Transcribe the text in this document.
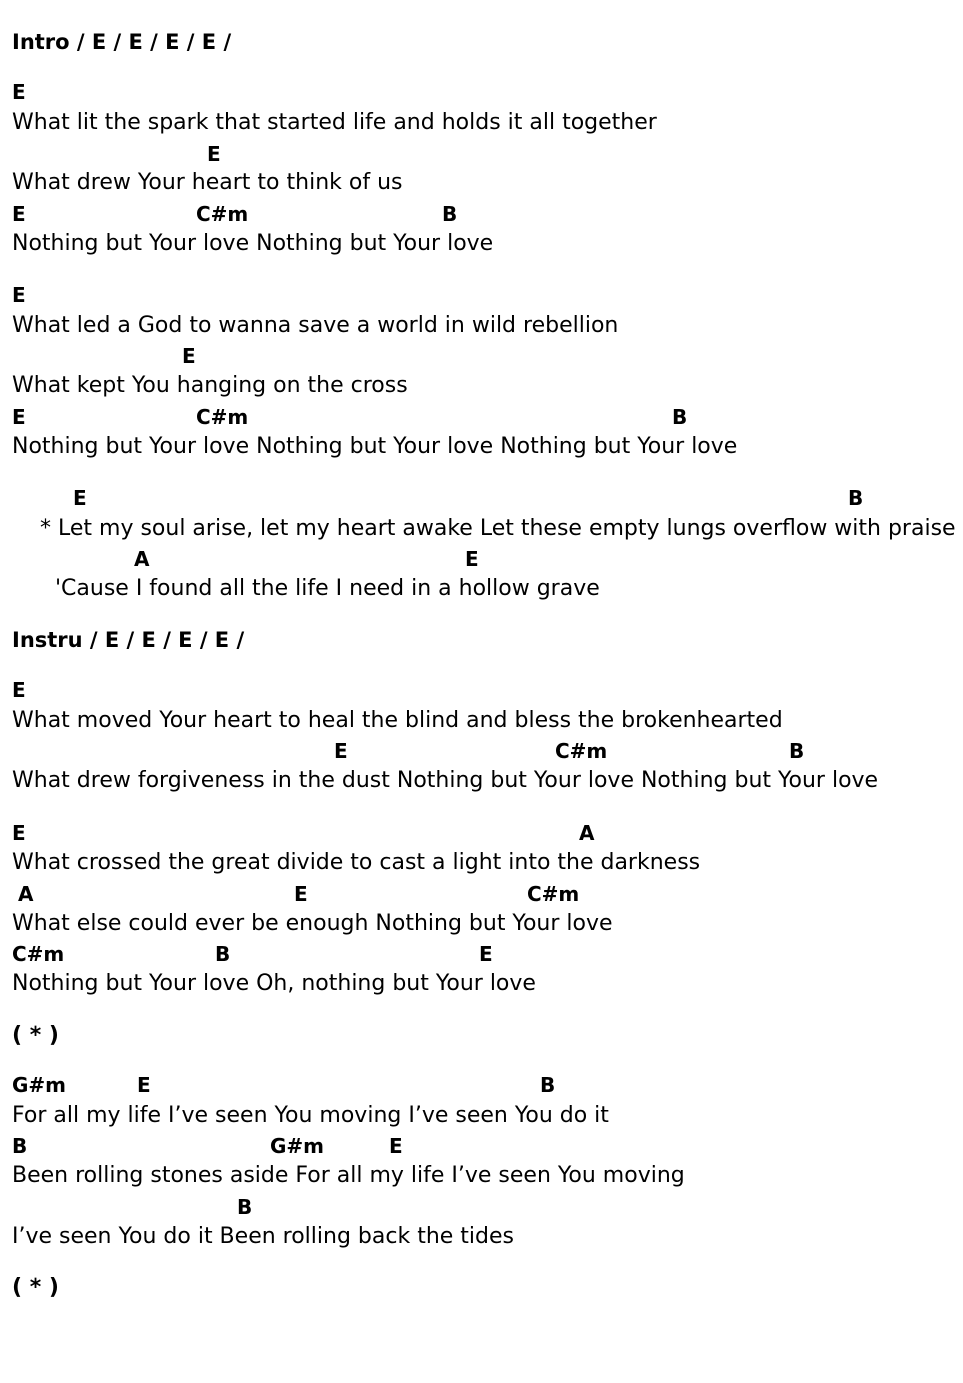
Intro / E / E / E / E /
E
What lit the spark that started life and holds it all together
E
What drew Your heart to think of us
E	C#m	B
Nothing but Your love Nothing but Your love
E
What led a God to wanna save a world in wild rebellion
E
What kept You hanging on the cross
E	C#m	B
Nothing but Your love Nothing but Your love Nothing but Your love
E	B
* Let my soul arise, let my heart awake Let these empty lungs overflow with praise
A	E
'Cause I found all the life I need in a hollow grave
Instru / E / E / E / E /
E
What moved Your heart to heal the blind and bless the brokenhearted
E	C#m	B
What drew forgiveness in the dust Nothing but Your love Nothing but Your love
E	A
What crossed the great divide to cast a light into the darkness
A	E	C#m
What else could ever be enough Nothing but Your love
C#m	B	E
Nothing but Your love Oh, nothing but Your love
( * )
G#m	E	B
For all my life I’ve seen You moving I’ve seen You do it
B	G#m	E
Been rolling stones aside For all my life I’ve seen You moving
B
I’ve seen You do it Been rolling back the tides
( * )
